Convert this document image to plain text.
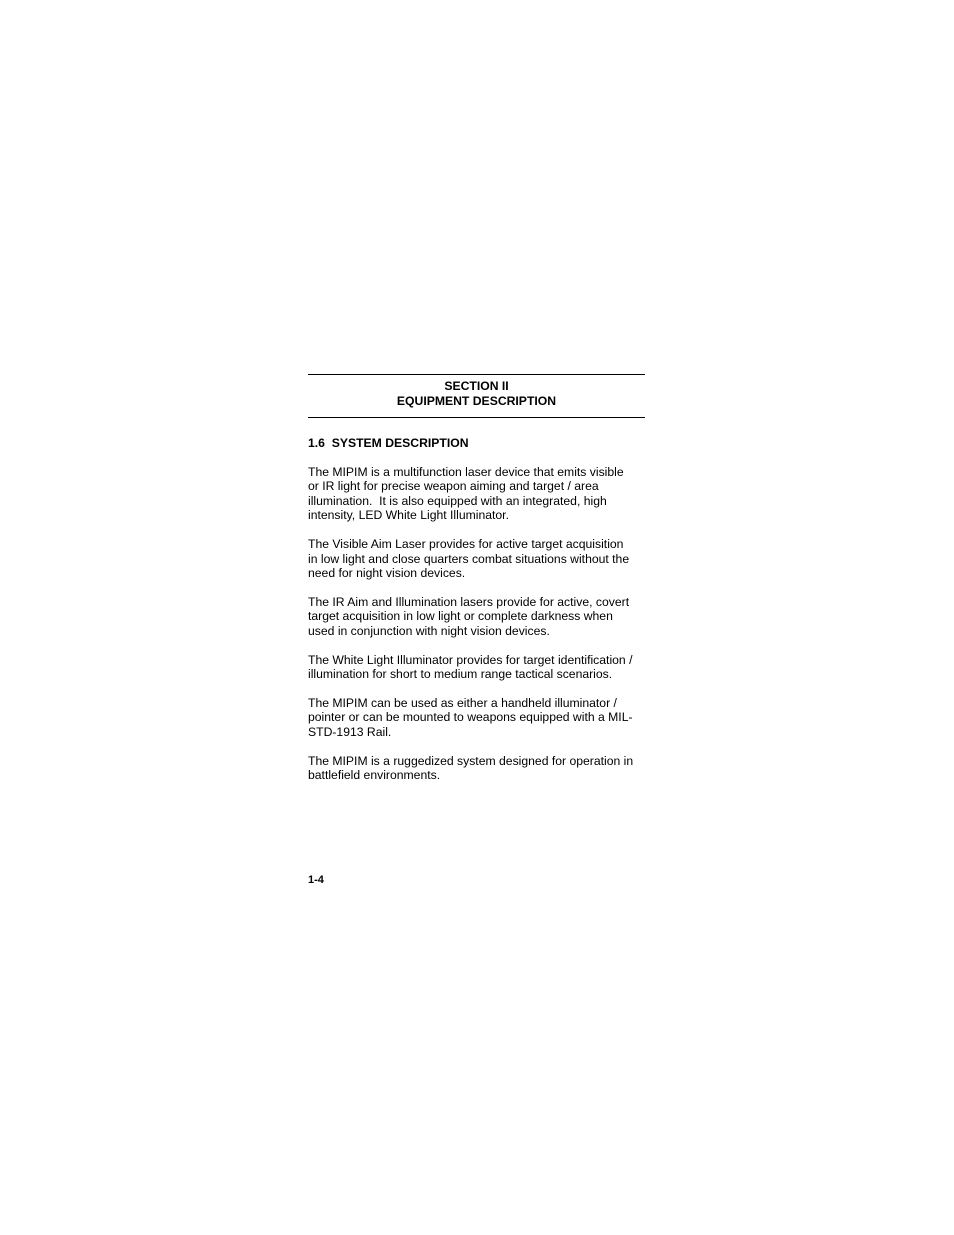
SECTION II
EQUIPMENT DESCRIPTION
1.6  SYSTEM DESCRIPTION
The MIPIM is a multifunction laser device that emits visible
or IR light for precise weapon aiming and target / area
illumination.  It is also equipped with an integrated, high
intensity, LED White Light Illuminator.
The Visible Aim Laser provides for active target acquisition
in low light and close quarters combat situations without the
need for night vision devices.
The IR Aim and Illumination lasers provide for active, covert
target acquisition in low light or complete darkness when
used in conjunction with night vision devices.
The White Light Illuminator provides for target identification /
illumination for short to medium range tactical scenarios.
The MIPIM can be used as either a handheld illuminator /
pointer or can be mounted to weapons equipped with a MIL-
STD-1913 Rail.
The MIPIM is a ruggedized system designed for operation in
battlefield environments.
1-4
